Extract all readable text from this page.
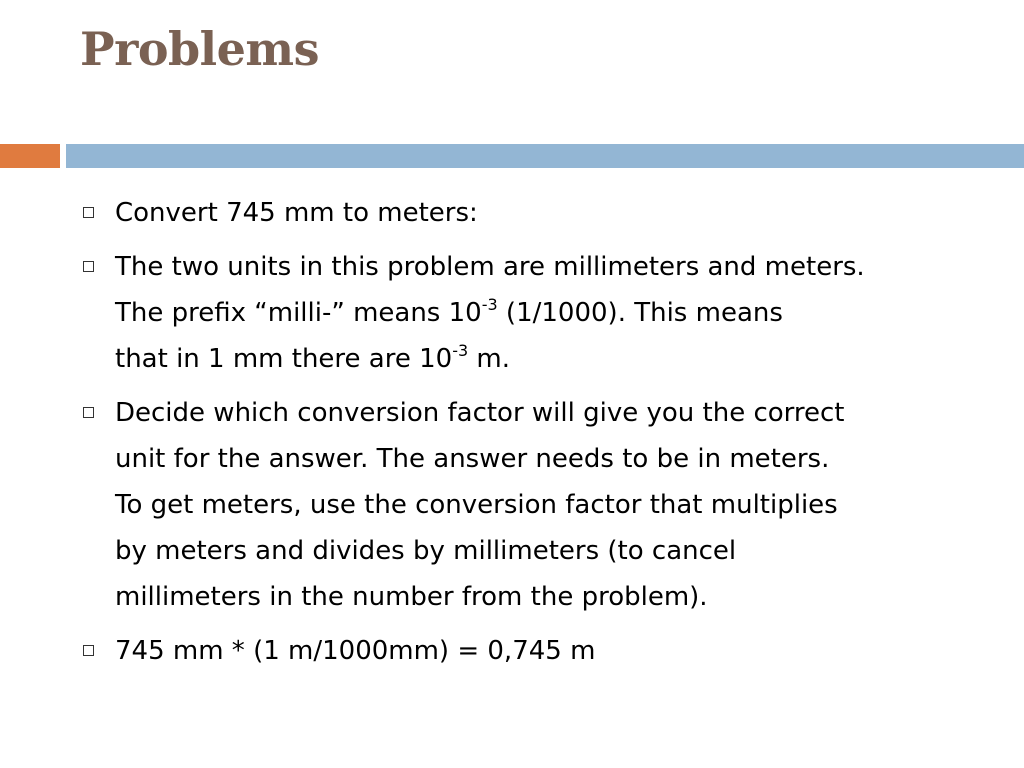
Problems
Convert 745 mm to meters:
The two units in this problem are millimeters and meters.
The prefix “milli-” means $10^{-3}$ (1/1000). This means
that in 1 mm there are $10^{-3}$ m.
Decide which conversion factor will give you the correct
unit for the answer. The answer needs to be in meters.
To get meters, use the conversion factor that multiplies
by meters and divides by millimeters (to cancel
millimeters in the number from the problem).
745 mm * (1 m/1000mm) = 0,745 m
